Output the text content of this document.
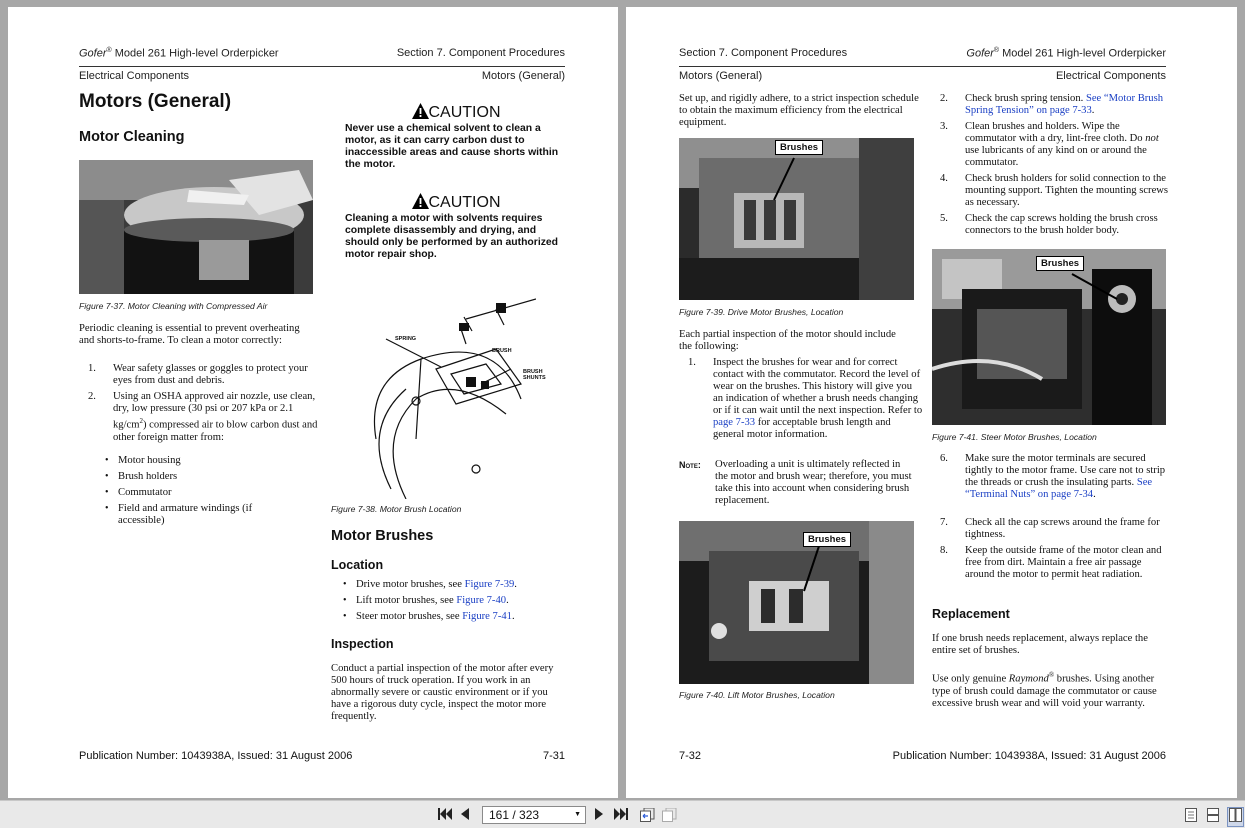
Gofer® Model 261 High-level Orderpicker	Section 7. Component Procedures
Electrical Components	Motors (General)
Motors (General)
Motor Cleaning
Figure 7-37. Motor Cleaning with Compressed Air
Periodic cleaning is essential to prevent overheating and shorts-to-frame. To clean a motor correctly:
1. Wear safety glasses or goggles to protect your eyes from dust and debris.
2. Using an OSHA approved air nozzle, use clean, dry, low pressure (30 psi or 207 kPa or 2.1 $kg/cm^2$) compressed air to blow carbon dust and other foreign matter from:
• Motor housing
• Brush holders
• Commutator
• Field and armature windings (if accessible)
CAUTION
Never use a chemical solvent to clean a motor, as it can carry carbon dust to inaccessible areas and cause shorts within the motor.
CAUTION
Cleaning a motor with solvents requires complete disassembly and drying, and should only be performed by an authorized motor repair shop.
SPRING
BRUSH
BRUSH
SHUNTS
Figure 7-38. Motor Brush Location
Motor Brushes
Location
• Drive motor brushes, see Figure 7-39.
• Lift motor brushes, see Figure 7-40.
• Steer motor brushes, see Figure 7-41.
Inspection
Conduct a partial inspection of the motor after every 500 hours of truck operation. If you work in an abnormally severe or caustic environment or if you have a rigorous duty cycle, inspect the motor more frequently.
Publication Number: 1043938A, Issued: 31 August 2006	7-31
Section 7. Component Procedures	Gofer® Model 261 High-level Orderpicker
Motors (General)	Electrical Components
Set up, and rigidly adhere, to a strict inspection schedule to obtain the maximum efficiency from the electrical equipment.
Brushes
Figure 7-39. Drive Motor Brushes, Location
Each partial inspection of the motor should include the following:
1. Inspect the brushes for wear and for correct contact with the commutator. Record the level of wear on the brushes. This history will give you an indication of whether a brush needs changing or if it can wait until the next inspection. Refer to page 7-33 for acceptable brush length and general motor information.
Note: Overloading a unit is ultimately reflected in the motor and brush wear; therefore, you must take this into account when considering brush replacement.
Brushes
Figure 7-40. Lift Motor Brushes, Location
2. Check brush spring tension. See “Motor Brush Spring Tension” on page 7-33.
3. Clean brushes and holders. Wipe the commutator with a dry, lint-free cloth. Do not use lubricants of any kind on or around the commutator.
4. Check brush holders for solid connection to the mounting support. Tighten the mounting screws as necessary.
5. Check the cap screws holding the brush cross connectors to the brush holder body.
Brushes
Figure 7-41. Steer Motor Brushes, Location
6. Make sure the motor terminals are secured tightly to the motor frame. Use care not to strip the threads or crush the insulating parts. See “Terminal Nuts” on page 7-34.
7. Check all the cap screws around the frame for tightness.
8. Keep the outside frame of the motor clean and free from dirt. Maintain a free air passage around the motor to permit heat radiation.
Replacement
If one brush needs replacement, always replace the entire set of brushes.
Use only genuine Raymond® brushes. Using another type of brush could damage the commutator or cause excessive brush wear and will void your warranty.
7-32	Publication Number: 1043938A, Issued: 31 August 2006
161 / 323	▼
